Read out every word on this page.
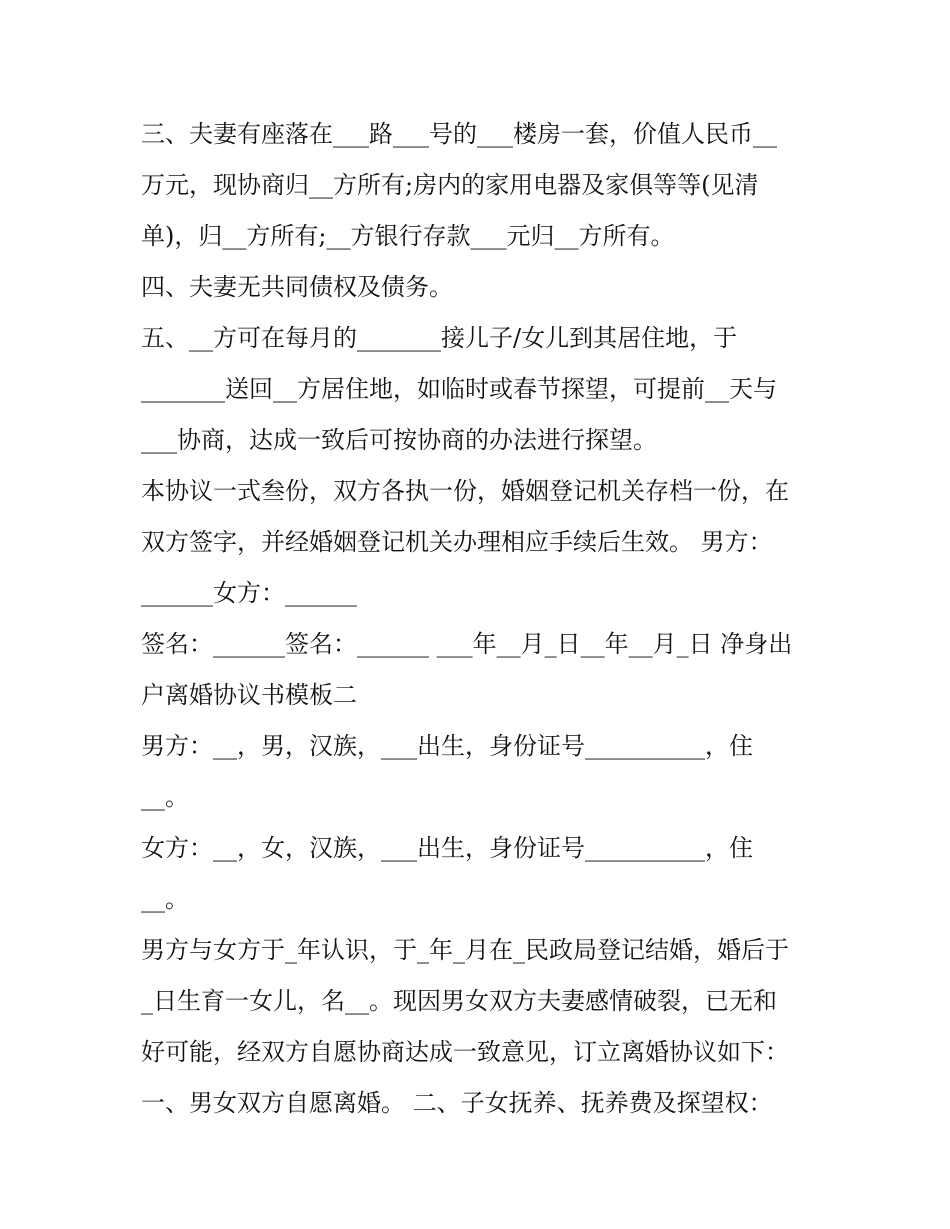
三、夫妻有座落在___路___号的___楼房一套，价值人民币__
万元，现协商归__方所有;房内的家用电器及家俱等等(见清
单)，归__方所有;__方银行存款___元归__方所有。
四、夫妻无共同债权及债务。
五、__方可在每月的_______接儿子/女儿到其居住地，于
_______送回__方居住地，如临时或春节探望，可提前__天与
___协商，达成一致后可按协商的办法进行探望。
本协议一式叁份，双方各执一份，婚姻登记机关存档一份，在
双方签字，并经婚姻登记机关办理相应手续后生效。 男方：
______女方：______
签名：______签名：______ ___年__月_日__年__月_日 净身出
户离婚协议书模板二
男方：__，男，汉族，___出生，身份证号__________，住
__。
女方：__，女，汉族，___出生，身份证号__________，住
__。
男方与女方于_年认识，于_年_月在_民政局登记结婚，婚后于
_日生育一女儿，名__。现因男女双方夫妻感情破裂，已无和
好可能，经双方自愿协商达成一致意见，订立离婚协议如下：
一、男女双方自愿离婚。 二、子女抚养、抚养费及探望权：
